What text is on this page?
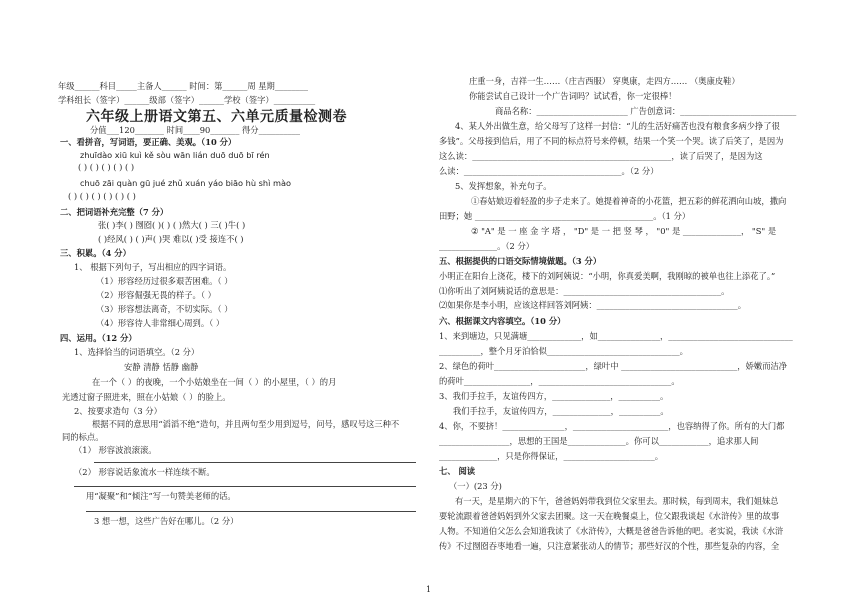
年级______科目_____主备人______ 时间：第______周 星期________
学科组长（签字）______级部（签字）______学校（签字）__________
六年级上册语文第五、六单元质量检测卷
分值___120_______ 时间____90_______ 得分__________
一、看拼音，写词语，要正确、美观。（10 分）
zhuīdào xiū kuì kě sòu wān lián duō duō bī rén
( ) ( ) ( ) ( ) ( )
chuō zāi quàn gū jué zhǔ xuán yáo biāo hù shì mào
( ) ( ) ( ) ( ) ( ) ( )
二、把词语补充完整（7 分）
张( )李( ) 囫囵( )( ) ( )然大( ) 三( )牛( )
( )经风( ) ( )声( )哭 难以( )受 接连不( )
三、积累。（4 分）
1、 根据下列句子，写出相应的四字词语。
（1）形容经历过很多艰苦困难。（ ）
（2）形容倔强无畏的样子。（ ）
（3）形容想法离奇，不切实际。（ ）
（4）形容待人非常细心周到。（ ）
四、运用。（12 分）
1、选择恰当的词语填空。（2 分）
安静 清静 恬静 幽静
在一个（ ）的夜晚，一个小姑娘坐在一间（ ）的小屋里，（ ）的月
光透过窗子照进来，照在小姑娘（ ）的脸上。
2、按要求造句（3 分）
根据不同的意思用“滔滔不绝”造句，并且两句至少用到逗号，问号，感叹号这三种不
同的标点。
（1） 形容波浪滚滚。
（2） 形容说话象流水一样连续不断。
用“凝聚”和“倾注”写一句赞美老师的话。
3 想一想，这些广告好在哪儿。（2 分）
庄重一身，吉祥一生……（庄吉西服） 穿奥康，走四方…… （奥康皮鞋）
你能尝试自己设计一个广告词吗？试试看，你一定很棒！
商品名称：______________________ 广告创意词：____________________________
4、某人外出做生意，给父母写了这样一封信：“儿的生活好痛苦也没有粮食多病少挣了很
多钱”。父母接到信后，用了不同的标点符号来停顿，结果一个笑一个哭。读了后笑了，是因为
这么读：________________________________________________，读了后哭了，是因为这
么读：______________________________________。（2 分）
5、发挥想象，补充句子。
①春姑娘迈着轻盈的步子走来了。她提着神奇的小花篮，把五彩的鲜花洒向山坡，撒向
田野；她 ___________________________________________。（1 分）
② "A" 是 一 座 金 字 塔 ， "D" 是 一 把 竖 琴 ， "0" 是 ______________， "S" 是
______________。（2 分）
五、根据提供的口语交际情境做题。（3 分）
小明正在阳台上浇花，楼下的刘阿姨说：“小明，你真爱美啊，我刚晾的被单也往上添花了。”
⑴你听出了刘阿姨说话的意思是：______________________________________。
⑵如果你是李小明，应该这样回答刘阿姨：__________________________________。
六、根据课文内容填空。（10 分）
1、来到塘边，只见满塘_____________，如_______________，______________________________
__________，整个月牙泊恰似________________________________。
2、绿色的荷叶______________________，绿叶中 ____________________________，娇嫩而洁净
的荷叶________________，________________________________。
3、我们手拉手，友谊传四方，______________，__________。
我们手拉手，友谊传四方，______________，__________。
4、你，不要挤！_______________，_______________________，也容纳得了你。所有的大门都
_________________，思想的王国是______________。你可以____________，追求那人间
______________，只是你得保证，______________________。
七、 阅读
（一）(23 分)
有一天，是星期六的下午，爸爸妈妈带我到位父家里去。那时候，每到周末，我们姐妹总
要轮流跟着爸爸妈妈到外父家去团聚。这一天在晚餐桌上，位父跟我谈起《水浒传》里的故事
人物。不知道伯父怎么会知道我读了《水浒传》，大概是爸爸告诉他的吧。老实说，我读《水浒
传》不过囫囵吞枣地看一遍，只注意紧张动人的情节；那些好汉的个性，那些复杂的内容，全
1
